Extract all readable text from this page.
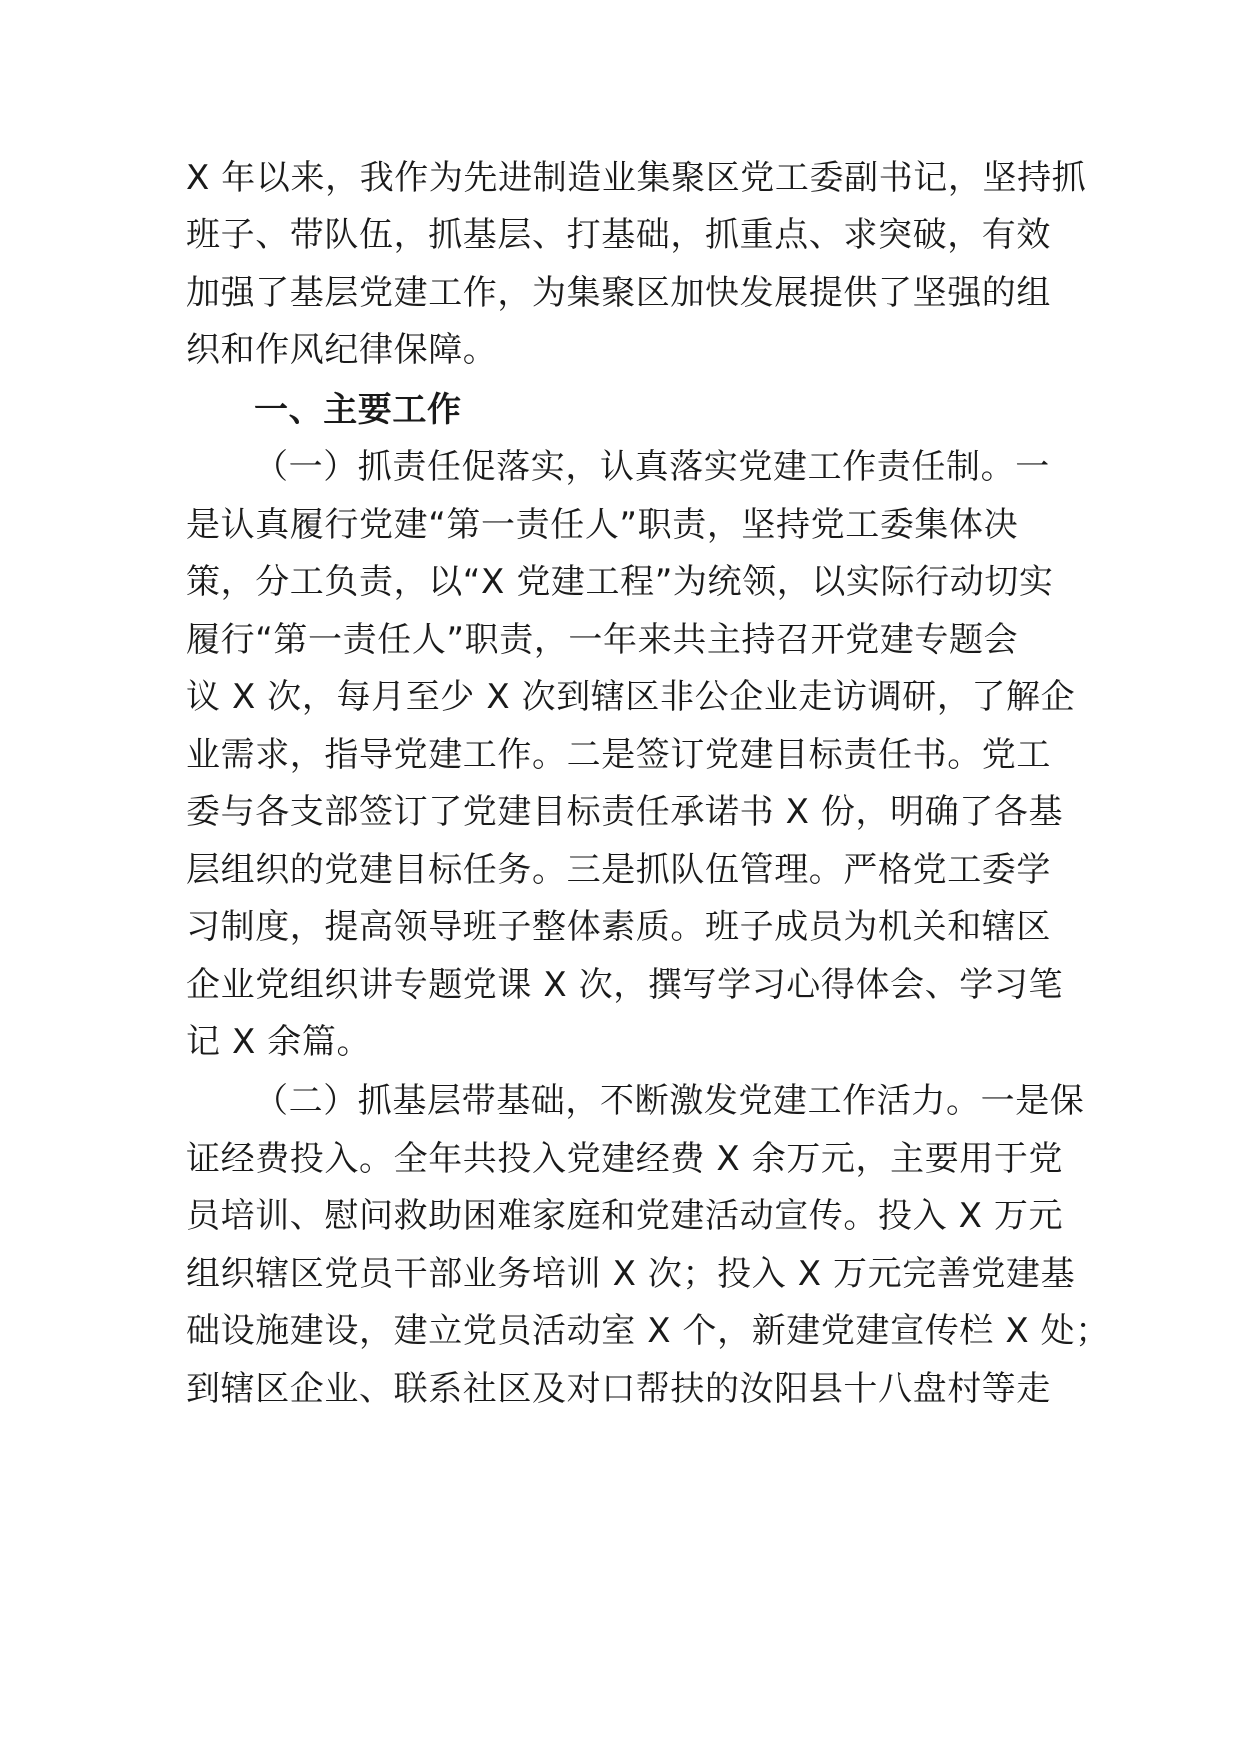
X 年以来，我作为先进制造业集聚区党工委副书记，坚持抓
班子、带队伍，抓基层、打基础，抓重点、求突破，有效
加强了基层党建工作，为集聚区加快发展提供了坚强的组
织和作风纪律保障。
一、主要工作
（一）抓责任促落实，认真落实党建工作责任制。一
是认真履行党建“第一责任人”职责，坚持党工委集体决
策，分工负责，以“X 党建工程”为统领，以实际行动切实
履行“第一责任人”职责，一年来共主持召开党建专题会
议 X 次，每月至少 X 次到辖区非公企业走访调研，了解企
业需求，指导党建工作。二是签订党建目标责任书。党工
委与各支部签订了党建目标责任承诺书 X 份，明确了各基
层组织的党建目标任务。三是抓队伍管理。严格党工委学
习制度，提高领导班子整体素质。班子成员为机关和辖区
企业党组织讲专题党课 X 次，撰写学习心得体会、学习笔
记 X 余篇。
（二）抓基层带基础，不断激发党建工作活力。一是保
证经费投入。全年共投入党建经费 X 余万元，主要用于党
员培训、慰问救助困难家庭和党建活动宣传。投入 X 万元
组织辖区党员干部业务培训 X 次；投入 X 万元完善党建基
础设施建设，建立党员活动室 X 个，新建党建宣传栏 X 处；
到辖区企业、联系社区及对口帮扶的汝阳县十八盘村等走
